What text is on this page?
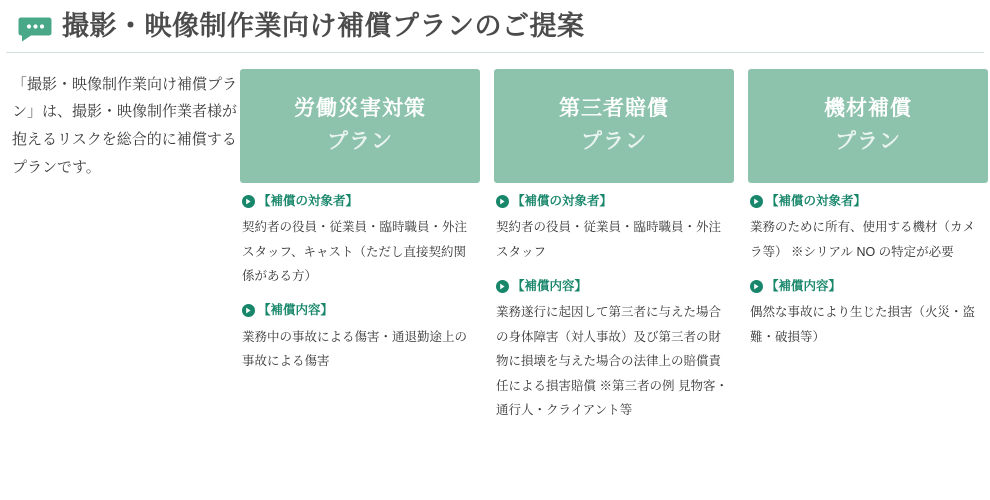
撮影・映像制作業向け補償プランのご提案
「撮影・映像制作業向け補償プラン」は、撮影・映像制作業者様が抱えるリスクを総合的に補償するプランです。
労働災害対策
プラン
【補償の対象者】
契約者の役員・従業員・臨時職員・外注スタッフ、キャスト（ただし直接契約関係がある方）
【補償内容】
業務中の事故による傷害・通退勤途上の事故による傷害
第三者賠償
プラン
【補償の対象者】
契約者の役員・従業員・臨時職員・外注スタッフ
【補償内容】
業務遂行に起因して第三者に与えた場合の身体障害（対人事故）及び第三者の財物に損壊を与えた場合の法律上の賠償責任による損害賠償 ※第三者の例 見物客・通行人・クライアント等
機材補償
プラン
【補償の対象者】
業務のために所有、使用する機材（カメラ等） ※シリアル NO の特定が必要
【補償内容】
偶然な事故により生じた損害（火災・盗難・破損等）
